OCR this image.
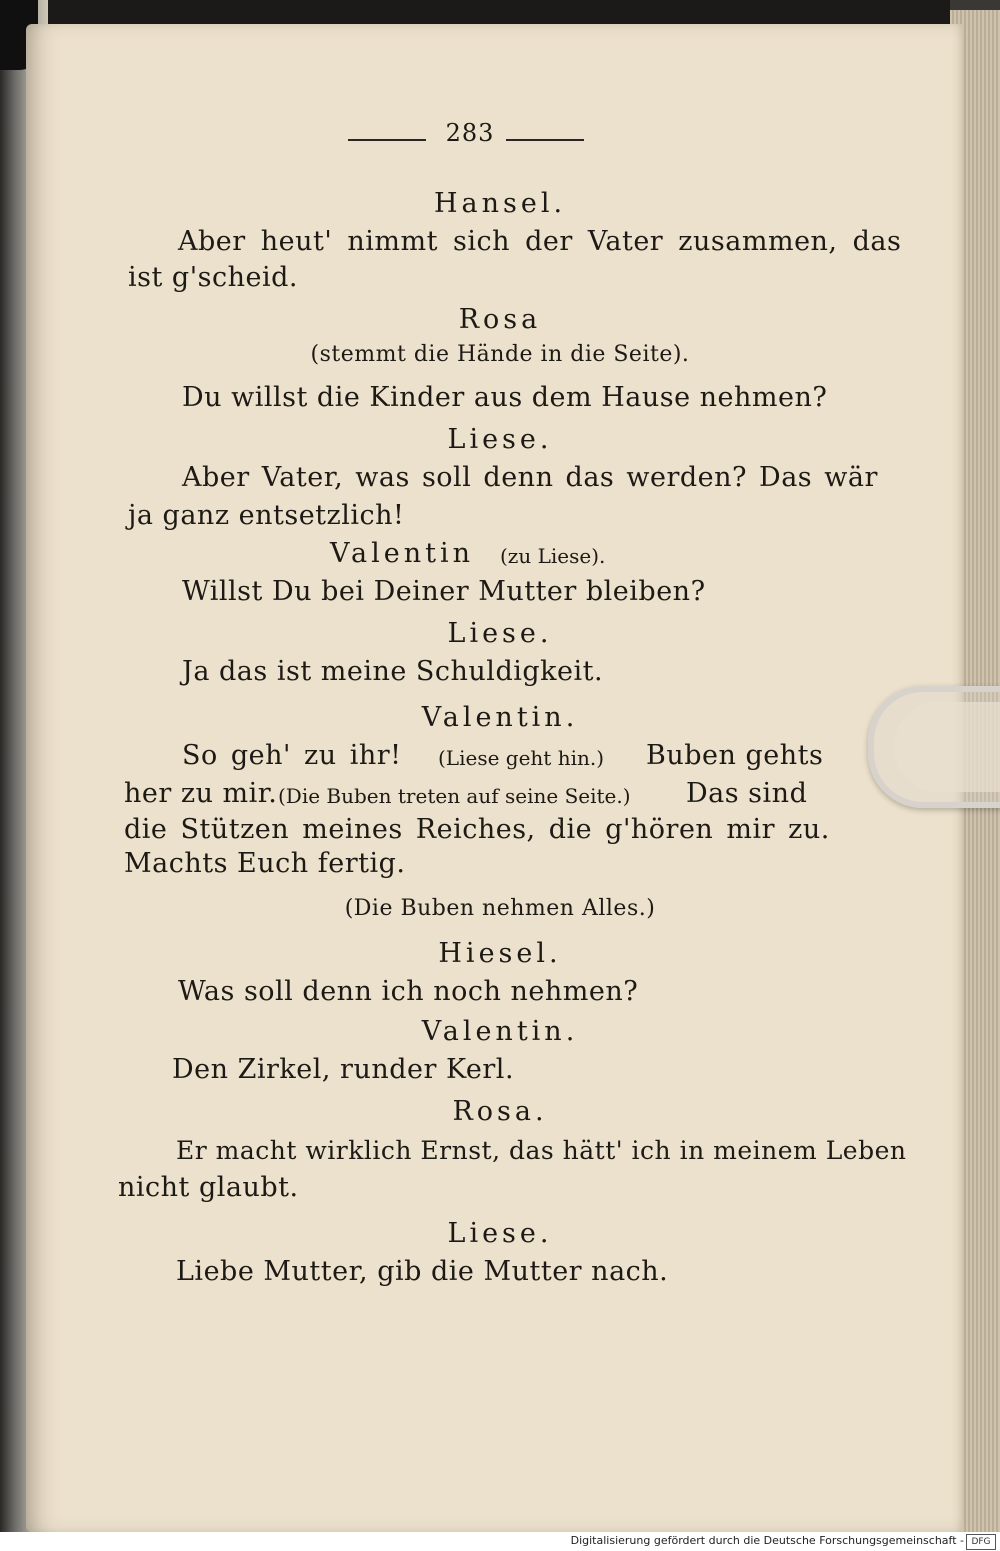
283
Hansel.
Aber heut' nimmt sich der Vater zusammen, das
ist g'scheid.
Rosa
(stemmt die Hände in die Seite).
Du willst die Kinder aus dem Hause nehmen?
Liese.
Aber Vater, was soll denn das werden? Das wär
ja ganz entsetzlich!
Valentin (zu Liese).
Willst Du bei Deiner Mutter bleiben?
Liese.
Ja das ist meine Schuldigkeit.
Valentin.
So geh' zu ihr! (Liese geht hin.) Buben gehts
her zu mir. (Die Buben treten auf seine Seite.) Das sind
die Stützen meines Reiches, die g'hören mir zu.
Machts Euch fertig.
(Die Buben nehmen Alles.)
Hiesel.
Was soll denn ich noch nehmen?
Valentin.
Den Zirkel, runder Kerl.
Rosa.
Er macht wirklich Ernst, das hätt' ich in meinem Leben
nicht glaubt.
Liese.
Liebe Mutter, gib die Mutter nach.
Digitalisierung gefördert durch die Deutsche Forschungsgemeinschaft - DFG
